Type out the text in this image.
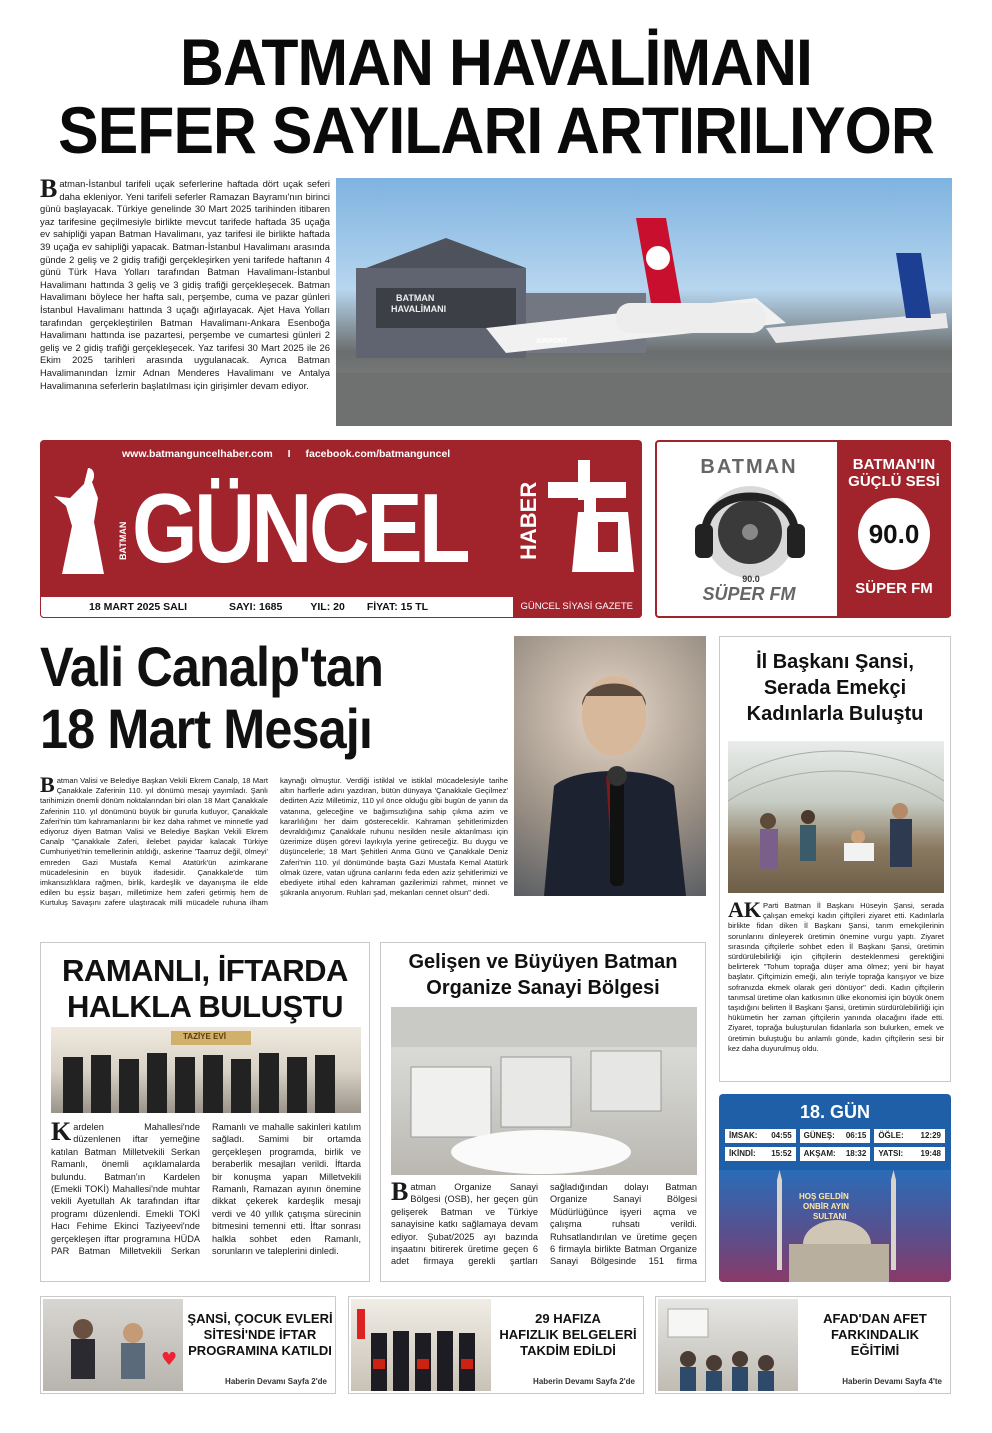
BATMAN HAVALİMANI
SEFER SAYILARI ARTIRILIYOR
Batman-İstanbul tarifeli uçak seferlerine haftada dört uçak seferi daha ekleniyor. Yeni tarifeli seferler Ramazan Bayramı'nın birinci günü başlayacak. Türkiye genelinde 30 Mart 2025 tarihinden itibaren yaz tarifesine geçilmesiyle birlikte mevcut tarifede haftada 35 uçağa ev sahipliği yapan Batman Havalimanı, yaz tarifesi ile birlikte haftada 39 uçağa ev sahipliği yapacak. Batman-İstanbul Havalimanı arasında günde 2 geliş ve 2 gidiş trafiği gerçekleşirken yeni tarifede haftanın 4 günü Türk Hava Yolları tarafından Batman Havalimanı-İstanbul Havalimanı hattında 3 geliş ve 3 gidiş trafiği gerçekleşecek. Batman Havalimanı böylece her hafta salı, perşembe, cuma ve pazar günleri İstanbul Havalimanı hattında 3 uçağı ağırlayacak. Ajet Hava Yolları tarafından gerçekleştirilen Batman Havalimanı-Ankara Esenboğa Havalimanı hattında ise pazartesi, perşembe ve cumartesi günleri 2 geliş ve 2 gidiş trafiği gerçekleşecek. Yaz tarifesi 30 Mart 2025 ile 26 Ekim 2025 tarihleri arasında uygulanacak. Ayrıca Batman Havalimanından İzmir Adnan Menderes Havalimanı ve Antalya Havalimanına seferlerin başlatılması için girişimler devam ediyor.
BATMAN
HAVALİMANI
AIRPORT
www.batmanguncelhaber.com I facebook.com/batmanguncel
BATMAN GÜNCEL HABER
18 MART 2025 SALI	SAYI: 1685	YIL: 20 FİYAT: 15 TL	GÜNCEL SİYASİ GAZETE
BATMAN
90.0
SÜPER FM
BATMAN'IN
GÜÇLÜ SESİ
90.0
SÜPER FM
Vali Canalp'tan
18 Mart Mesajı
Batman Valisi ve Belediye Başkan Vekili Ekrem Canalp, 18 Mart Çanakkale Zaferinin 110. yıl dönümü mesajı yayımladı. Şanlı tarihimizin önemli dönüm noktalarından biri olan 18 Mart Çanakkale Zaferinin 110. yıl dönümünü büyük bir gururla kutluyor, Çanakkale Zaferi'nin tüm kahramanlarını bir kez daha rahmet ve minnetle yad ediyoruz diyen Batman Valisi ve Belediye Başkan Vekili Ekrem Canalp "Çanakkale Zaferi, ilelebet payidar kalacak Türkiye Cumhuriyeti'nin temellerinin atıldığı, askerine 'Taarruz değil, ölmeyi' emreden Gazi Mustafa Kemal Atatürk'ün azimkarane mücadelesinin en büyük ifadesidir. Çanakkale'de tüm imkansızlıklara rağmen, birlik, kardeşlik ve dayanışma ile elde edilen bu eşsiz başarı, milletimize hem zaferi getirmiş hem de Kurtuluş Savaşını zafere ulaştıracak milli mücadele ruhuna ilham kaynağı olmuştur. Verdiği istiklal ve istiklal mücadelesiyle tarihe altın harflerle adını yazdıran, bütün dünyaya 'Çanakkale Geçilmez' dedirten Aziz Milletimiz, 110 yıl önce olduğu gibi bugün de yanın da vatanına, geleceğine ve bağımsızlığına sahip çıkma azim ve kararlılığını her daim göstereceklir. Kahraman şehitlerimizden devraldığımız Çanakkale ruhunu nesilden nesile aktarılması için üzerimize düşen görevi layıkıyla yerine getireceğiz. Bu duygu ve düşüncelerle; 18 Mart Şehitleri Anma Günü ve Çanakkale Deniz Zaferi'nin 110. yıl dönümünde başta Gazi Mustafa Kemal Atatürk olmak üzere, vatan uğruna canlarını feda eden aziz şehitlerimizi ve ebediyete irtihal eden kahraman gazilerimizi rahmet, minnet ve şükranla anıyorum. Ruhları şad, mekanları cennet olsun" dedi.
İl Başkanı Şansi,
Serada Emekçi
Kadınlarla Buluştu
AK Parti Batman İl Başkanı Hüseyin Şansi, serada çalışan emekçi kadın çiftçileri ziyaret etti. Kadınlarla birlikte fidan diken İl Başkanı Şansi, tarım emekçilerinin sorunlarını dinleyerek üretimin önemine vurgu yaptı. Ziyaret sırasında çiftçilerle sohbet eden İl Başkanı Şansi, üretimin sürdürülebilirliği için çiftçilerin desteklenmesi gerektiğini belirterek "Tohum toprağa düşer ama ölmez; yeni bir hayat başlatır. Çiftçimizin emeği, alın teriyle toprağa karışıyor ve bize sofranızda ekmek olarak geri dönüyor" dedi. Kadın çiftçilerin tarımsal üretime olan katkısının ülke ekonomisi için büyük önem taşıdığını belirten İl Başkanı Şansi, üretimin sürdürülebilirliği için hükümetin her zaman çiftçilerin yanında olacağını ifade etti. Ziyaret, toprağa buluşturulan fidanlarla son bulurken, emek ve üretimin buluştuğu bu anlamlı günde, kadın çiftçilerin sesi bir kez daha duyurulmuş oldu.
RAMANLI, İFTARDA
HALKLA BULUŞTU
TAZİYE EVİ
Kardelen Mahallesi'nde düzenlenen iftar yemeğine katılan Batman Milletvekili Serkan Ramanlı, önemli açıklamalarda bulundu. Batman'ın Kardelen (Emekli TOKİ) Mahallesi'nde muhtar vekili Ayetullah Ak tarafından iftar programı düzenlendi. Emekli TOKİ Hacı Fehime Ekinci Taziyeevi'nde gerçekleşen iftar programına HÜDA PAR Batman Milletvekili Serkan Ramanlı ve mahalle sakinleri katılım sağladı. Samimi bir ortamda gerçekleşen programda, birlik ve beraberlik mesajları verildi. İftarda bir konuşma yapan Milletvekili Ramanlı, Ramazan ayının önemine dikkat çekerek kardeşlik mesajı verdi ve 40 yıllık çatışma sürecinin bitmesini temenni etti. İftar sonrası halkla sohbet eden Ramanlı, sorunların ve taleplerini dinledi.
Gelişen ve Büyüyen Batman
Organize Sanayi Bölgesi
Batman Organize Sanayi Bölgesi (OSB), her geçen gün gelişerek Batman ve Türkiye sanayisine katkı sağlamaya devam ediyor. Şubat/2025 ayı bazında inşaatını bitirerek üretime geçen 6 adet firmaya gerekli şartları sağladığından dolayı Batman Organize Sanayi Bölgesi Müdürlüğünce işyeri açma ve çalışma ruhsatı verildi. Ruhsatlandırılan ve üretime geçen 6 firmayla birlikte Batman Organize Sanayi Bölgesinde 151 firma
18. GÜN
İMSAK: 04:55 GÜNEŞ: 06:15 ÖĞLE: 12:29
İKİNDİ: 15:52 AKŞAM: 18:32 YATSI: 19:48
HOŞ GELDİN
ONBİR AYIN
SULTANI
♥
ŞANSİ, ÇOCUK EVLERİ
SİTESİ'NDE İFTAR
PROGRAMINA KATILDI
Haberin Devamı Sayfa 2'de
29 HAFIZA
HAFIZLIK BELGELERİ
TAKDİM EDİLDİ
Haberin Devamı Sayfa 2'de
AFAD'DAN AFET
FARKINDALIK
EĞİTİMİ
Haberin Devamı Sayfa 4'te
